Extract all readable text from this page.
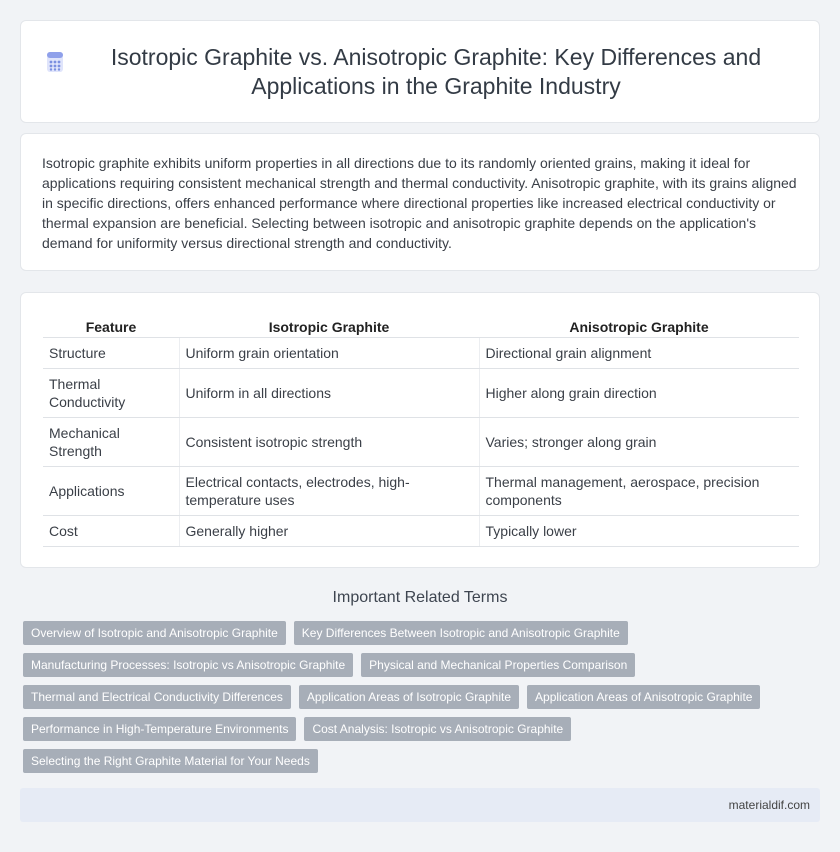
Isotropic Graphite vs. Anisotropic Graphite: Key Differences and Applications in the Graphite Industry

Isotropic graphite exhibits uniform properties in all directions due to its randomly oriented grains, making it ideal for applications requiring consistent mechanical strength and thermal conductivity. Anisotropic graphite, with its grains aligned in specific directions, offers enhanced performance where directional properties like increased electrical conductivity or thermal expansion are beneficial. Selecting between isotropic and anisotropic graphite depends on the application's demand for uniformity versus directional strength and conductivity.

Feature	Isotropic Graphite	Anisotropic Graphite
Structure	Uniform grain orientation	Directional grain alignment
Thermal Conductivity	Uniform in all directions	Higher along grain direction
Mechanical Strength	Consistent isotropic strength	Varies; stronger along grain
Applications	Electrical contacts, electrodes, high-temperature uses	Thermal management, aerospace, precision components
Cost	Generally higher	Typically lower
Important Related Terms
Overview of Isotropic and Anisotropic Graphite	Key Differences Between Isotropic and Anisotropic Graphite
Manufacturing Processes: Isotropic vs Anisotropic Graphite	Physical and Mechanical Properties Comparison
Thermal and Electrical Conductivity Differences	Application Areas of Isotropic Graphite	Application Areas of Anisotropic Graphite
Performance in High-Temperature Environments	Cost Analysis: Isotropic vs Anisotropic Graphite
Selecting the Right Graphite Material for Your Needs
materialdif.com
